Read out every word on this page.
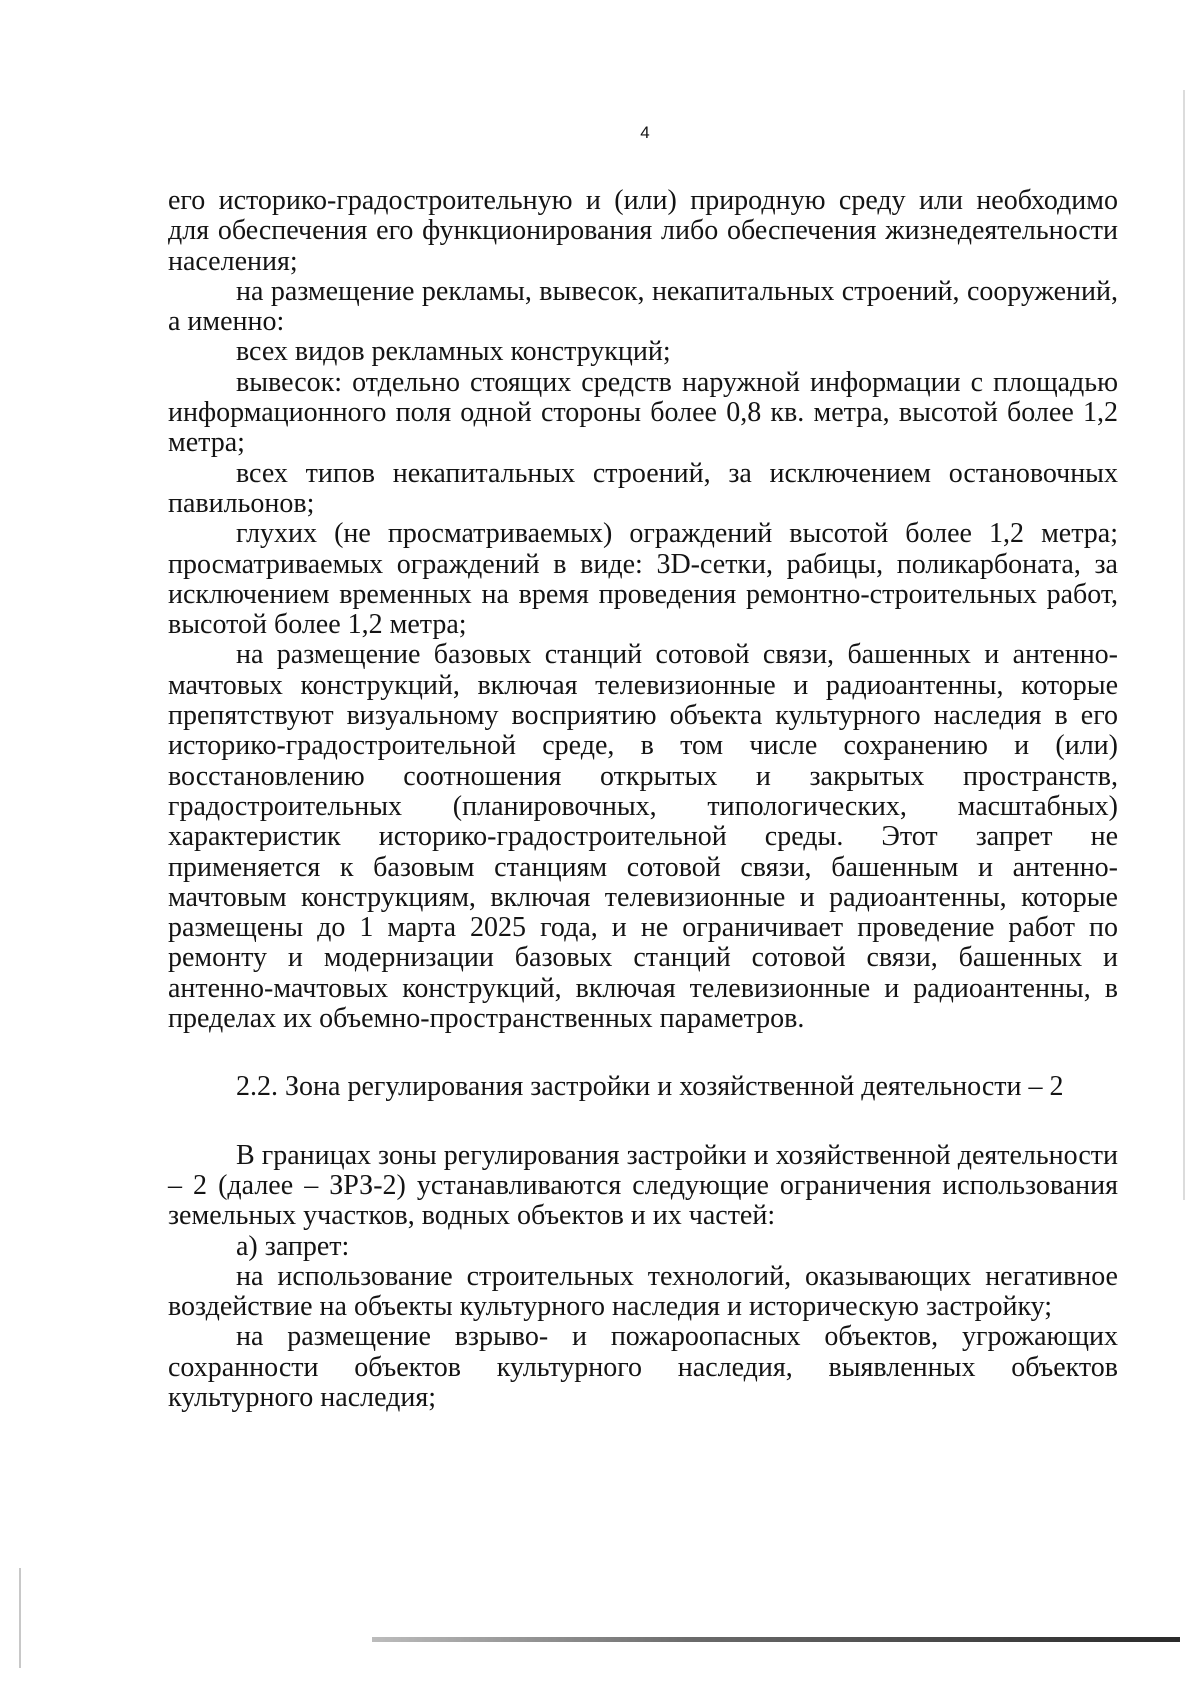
4

его историко-градостроительную и (или) природную среду или необходимо для обеспечения его функционирования либо обеспечения жизнедеятельности населения;

на размещение рекламы, вывесок, некапитальных строений, сооружений, а именно:

всех видов рекламных конструкций;

вывесок: отдельно стоящих средств наружной информации с площадью информационного поля одной стороны более 0,8 кв. метра, высотой более 1,2 метра;

всех типов некапитальных строений, за исключением остановочных павильонов;

глухих (не просматриваемых) ограждений высотой более 1,2 метра; просматриваемых ограждений в виде: 3D-сетки, рабицы, поликарбоната, за исключением временных на время проведения ремонтно-строительных работ, высотой более 1,2 метра;

на размещение базовых станций сотовой связи, башенных и антенно-мачтовых конструкций, включая телевизионные и радиоантенны, которые препятствуют визуальному восприятию объекта культурного наследия в его историко-градостроительной среде, в том числе сохранению и (или) восстановлению соотношения открытых и закрытых пространств, градостроительных (планировочных, типологических, масштабных) характеристик историко-градостроительной среды. Этот запрет не применяется к базовым станциям сотовой связи, башенным и антенно-мачтовым конструкциям, включая телевизионные и радиоантенны, которые размещены до 1 марта 2025 года, и не ограничивает проведение работ по ремонту и модернизации базовых станций сотовой связи, башенных и антенно-мачтовых конструкций, включая телевизионные и радиоантенны, в пределах их объемно-пространственных параметров.

2.2. Зона регулирования застройки и хозяйственной деятельности – 2

В границах зоны регулирования застройки и хозяйственной деятельности – 2 (далее – ЗРЗ-2) устанавливаются следующие ограничения использования земельных участков, водных объектов и их частей:

а) запрет:

на использование строительных технологий, оказывающих негативное воздействие на объекты культурного наследия и историческую застройку;

на размещение взрыво- и пожароопасных объектов, угрожающих сохранности объектов культурного наследия, выявленных объектов культурного наследия;
